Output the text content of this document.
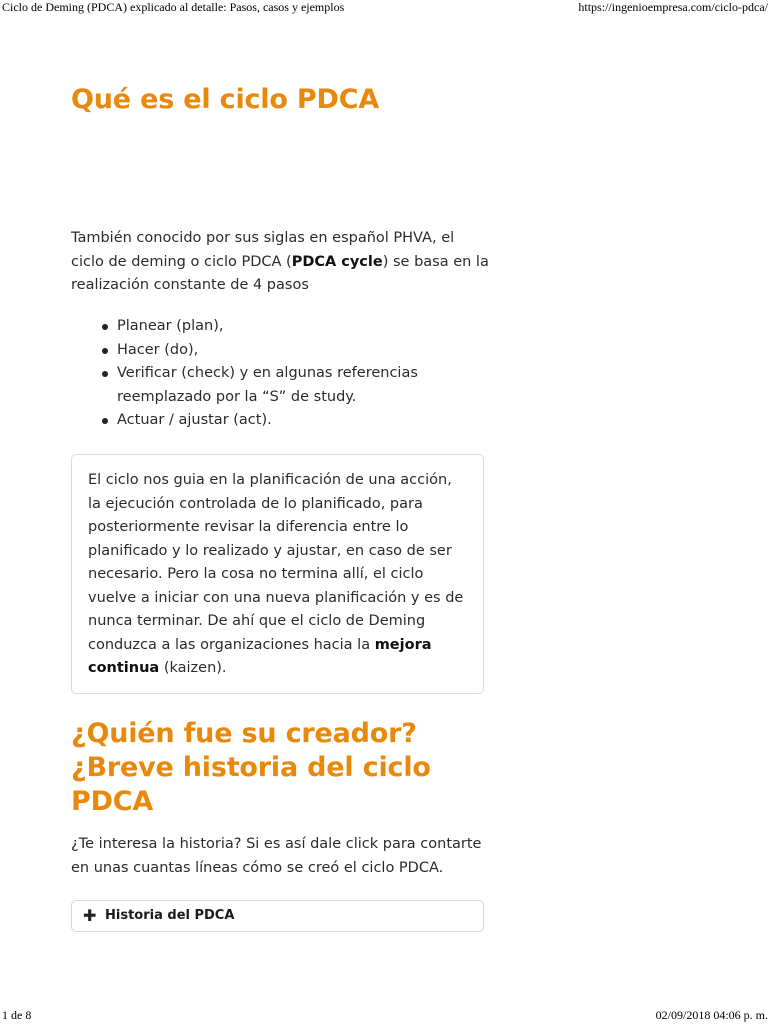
Ciclo de Deming (PDCA) explicado al detalle: Pasos, casos y ejemplos	https://ingenioempresa.com/ciclo-pdca/
Qué es el ciclo PDCA

También conocido por sus siglas en español PHVA, el ciclo de deming o ciclo PDCA (PDCA cycle) se basa en la realización constante de 4 pasos

Planear (plan),
Hacer (do),
Verificar (check) y en algunas referencias reemplazado por la “S” de study.
Actuar / ajustar (act).

El ciclo nos guia en la planificación de una acción, la ejecución controlada de lo planificado, para posteriormente revisar la diferencia entre lo planificado y lo realizado y ajustar, en caso de ser necesario. Pero la cosa no termina allí, el ciclo vuelve a iniciar con una nueva planificación y es de nunca terminar. De ahí que el ciclo de Deming conduzca a las organizaciones hacia la mejora continua (kaizen).

¿Quién fue su creador? ¿Breve historia del ciclo PDCA

¿Te interesa la historia? Si es así dale click para contarte en unas cuantas líneas cómo se creó el ciclo PDCA.

✚ Historia del PDCA
1 de 8	02/09/2018 04:06 p. m.
